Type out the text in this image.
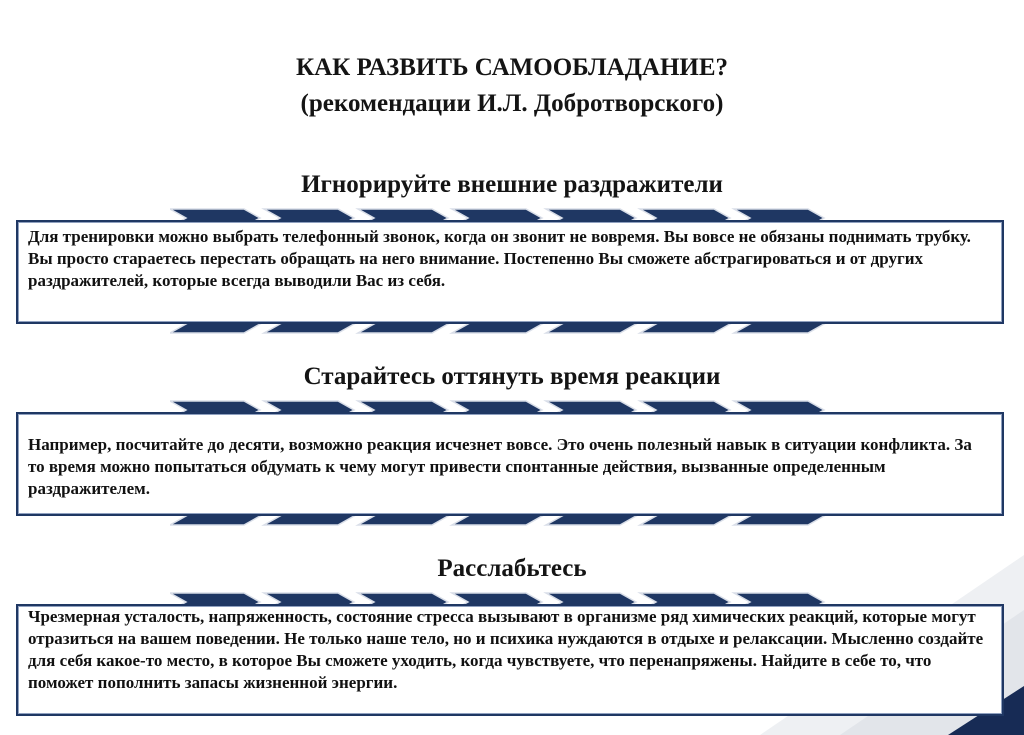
КАК РАЗВИТЬ САМООБЛАДАНИЕ?
(рекомендации И.Л. Добротворского)
Игнорируйте внешние раздражители

Для тренировки можно выбрать телефонный звонок, когда он звонит не вовремя. Вы вовсе не обязаны поднимать трубку. Вы просто стараетесь перестать обращать на него внимание. Постепенно Вы сможете абстрагироваться и от других раздражителей, которые всегда выводили Вас из себя.

Старайтесь оттянуть время реакции

Например, посчитайте до десяти, возможно реакция исчезнет вовсе. Это очень полезный навык в ситуации конфликта. За то время можно попытаться обдумать к чему могут привести спонтанные действия, вызванные определенным раздражителем.

Расслабьтесь

Чрезмерная усталость, напряженность, состояние стресса вызывают в организме ряд химических реакций, которые могут отразиться на вашем поведении. Не только наше тело, но и психика нуждаются в отдыхе и релаксации. Мысленно создайте для себя какое-то место, в которое Вы сможете уходить, когда чувствуете, что перенапряжены. Найдите в себе то, что поможет пополнить запасы жизненной энергии.
